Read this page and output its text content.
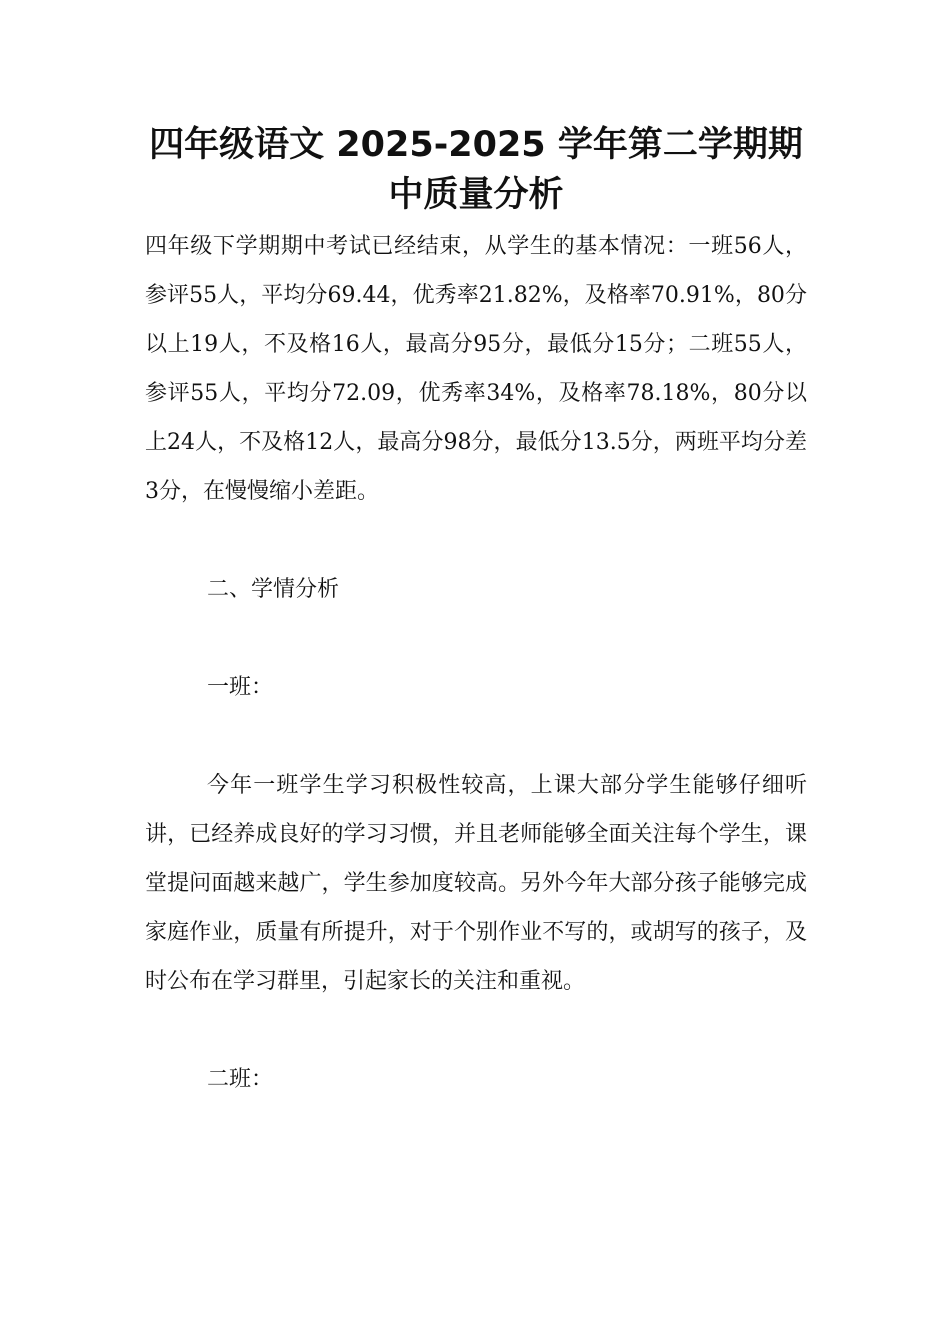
四年级语文 2025-2025 学年第二学期期中质量分析

四年级下学期期中考试已经结束，从学生的基本情况：一班56人，参评55人，平均分69.44，优秀率21.82%，及格率70.91%，80分以上19人，不及格16人，最高分95分，最低分15分；二班55人，参评55人，平均分72.09，优秀率34%，及格率78.18%，80分以上24人，不及格12人，最高分98分，最低分13.5分，两班平均分差3分，在慢慢缩小差距。

二、学情分析

一班：

今年一班学生学习积极性较高，上课大部分学生能够仔细听讲，已经养成良好的学习习惯，并且老师能够全面关注每个学生，课堂提问面越来越广，学生参加度较高。另外今年大部分孩子能够完成家庭作业，质量有所提升，对于个别作业不写的，或胡写的孩子，及时公布在学习群里，引起家长的关注和重视。

二班：
